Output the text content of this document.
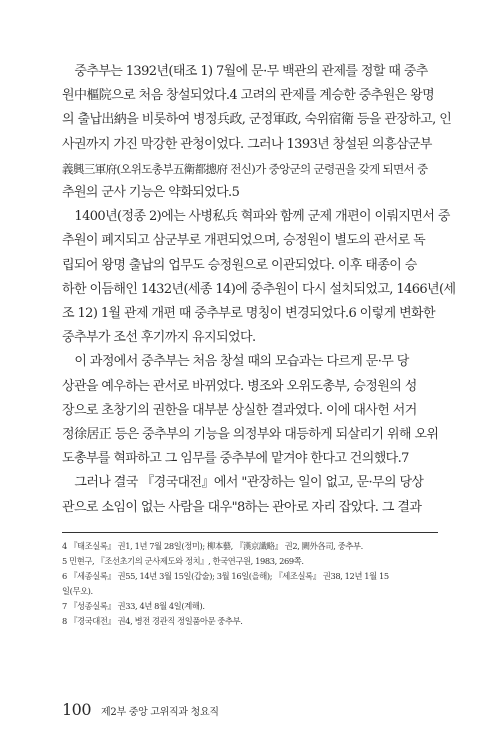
　중추부는 1392년(태조 1) 7월에 문·무 백관의 관제를 정할 때 중추
원中樞院으로 처음 창설되었다.4 고려의 관제를 계승한 중추원은 왕명
의 출납出納을 비롯하여 병정兵政, 군정軍政, 숙위宿衛 등을 관장하고, 인
사권까지 가진 막강한 관청이었다. 그러나 1393년 창설된 의흥삼군부
義興三軍府(오위도총부五衛都摠府 전신)가 중앙군의 군령권을 갖게 되면서 중
추원의 군사 기능은 약화되었다.5
　1400년(정종 2)에는 사병私兵 혁파와 함께 군제 개편이 이뤄지면서 중
추원이 폐지되고 삼군부로 개편되었으며, 승정원이 별도의 관서로 독
립되어 왕명 출납의 업무도 승정원으로 이관되었다. 이후 태종이 승
하한 이듬해인 1432년(세종 14)에 중추원이 다시 설치되었고, 1466년(세
조 12) 1월 관제 개편 때 중추부로 명칭이 변경되었다.6 이렇게 변화한
중추부가 조선 후기까지 유지되었다.
　이 과정에서 중추부는 처음 창설 때의 모습과는 다르게 문·무 당
상관을 예우하는 관서로 바뀌었다. 병조와 오위도총부, 승정원의 성
장으로 초창기의 권한을 대부분 상실한 결과였다. 이에 대사헌 서거
정徐居正 등은 중추부의 기능을 의정부와 대등하게 되살리기 위해 오위
도총부를 혁파하고 그 임무를 중추부에 맡겨야 한다고 건의했다.7
　그러나 결국 『경국대전』에서 "관장하는 일이 없고, 문·무의 당상
관으로 소임이 없는 사람을 대우"8하는 관아로 자리 잡았다. 그 결과
4 『태조실록』 권1, 1년 7월 28일(정미); 柳本藝, 『漢京識略』 권2, 闕外各司, 중추부.
5 민현구, 『조선초기의 군사제도와 정치』, 한국연구원, 1983, 269쪽.
6 『세종실록』 권55, 14년 3월 15일(갑술); 3월 16일(을해); 『세조실록』 권38, 12년 1월 15
일(무오).
7 『성종실록』 권33, 4년 8월 4일(계해).
8 『경국대전』 권4, 병전 경관직 정일품아문 중추부.
100 제2부 중앙 고위직과 청요직
